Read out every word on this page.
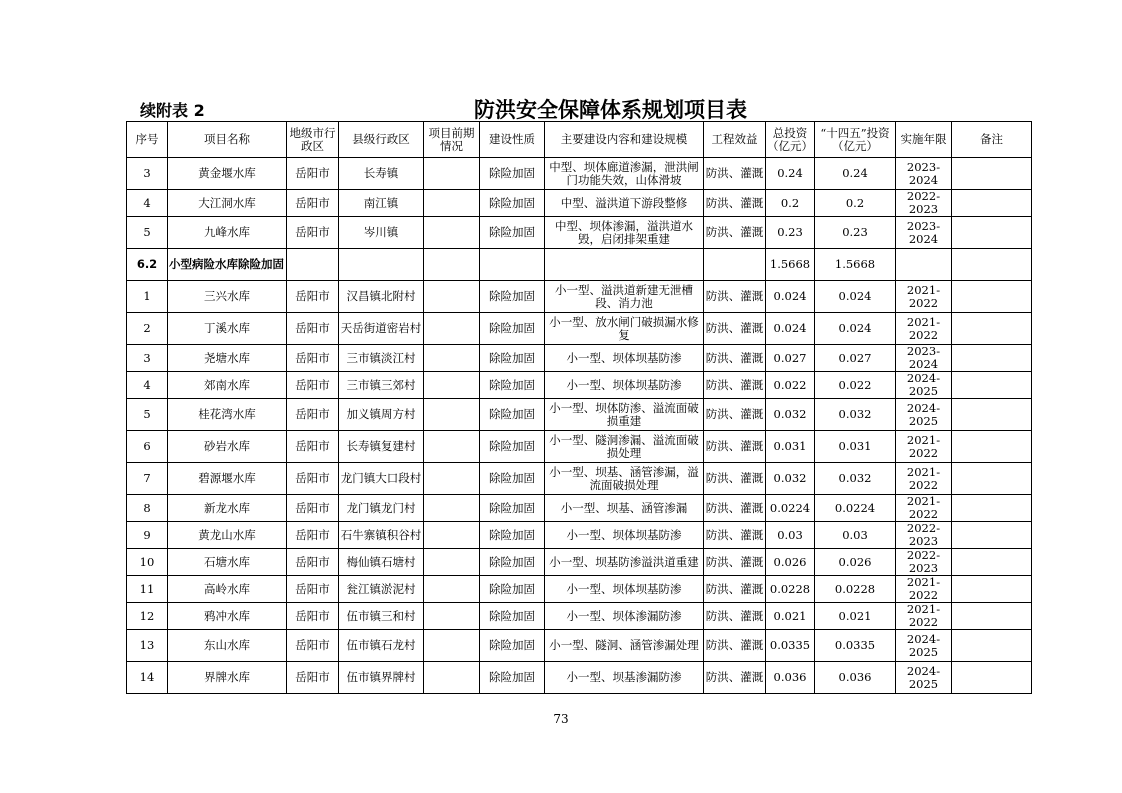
续附表 2	防洪安全保障体系规划项目表
序号	项目名称	地级市行政区	县级行政区	项目前期情况	建设性质	主要建设内容和建设规模	工程效益	总投资（亿元）	“十四五”投资（亿元）	实施年限	备注
3	黄金堰水库	岳阳市	长寿镇		除险加固	中型、坝体廊道渗漏，泄洪闸门功能失效，山体滑坡	防洪、灌溉	0.24	0.24	2023-2024	
4	大江洞水库	岳阳市	南江镇		除险加固	中型、溢洪道下游段整修	防洪、灌溉	0.2	0.2	2022-2023	
5	九峰水库	岳阳市	岑川镇		除险加固	中型、坝体渗漏，溢洪道水毁，启闭排架重建	防洪、灌溉	0.23	0.23	2023-2024	
6.2	小型病险水库除险加固							1.5668	1.5668		
1	三兴水库	岳阳市	汉昌镇北附村		除险加固	小一型、溢洪道新建无泄槽段、消力池	防洪、灌溉	0.024	0.024	2021-2022	
2	丁溪水库	岳阳市	天岳街道密岩村		除险加固	小一型、放水闸门破损漏水修复	防洪、灌溉	0.024	0.024	2021-2022	
3	尧塘水库	岳阳市	三市镇淡江村		除险加固	小一型、坝体坝基防渗	防洪、灌溉	0.027	0.027	2023-2024	
4	郊南水库	岳阳市	三市镇三郊村		除险加固	小一型、坝体坝基防渗	防洪、灌溉	0.022	0.022	2024-2025	
5	桂花湾水库	岳阳市	加义镇周方村		除险加固	小一型、坝体防渗、溢流面破损重建	防洪、灌溉	0.032	0.032	2024-2025	
6	砂岩水库	岳阳市	长寿镇复建村		除险加固	小一型、隧洞渗漏、溢流面破损处理	防洪、灌溉	0.031	0.031	2021-2022	
7	碧源堰水库	岳阳市	龙门镇大口段村		除险加固	小一型、坝基、涵管渗漏，溢流面破损处理	防洪、灌溉	0.032	0.032	2021-2022	
8	新龙水库	岳阳市	龙门镇龙门村		除险加固	小一型、坝基、涵管渗漏	防洪、灌溉	0.0224	0.0224	2021-2022	
9	黄龙山水库	岳阳市	石牛寨镇积谷村		除险加固	小一型、坝体坝基防渗	防洪、灌溉	0.03	0.03	2022-2023	
10	石塘水库	岳阳市	梅仙镇石塘村		除险加固	小一型、坝基防渗溢洪道重建	防洪、灌溉	0.026	0.026	2022-2023	
11	高岭水库	岳阳市	瓮江镇淤泥村		除险加固	小一型、坝体坝基防渗	防洪、灌溉	0.0228	0.0228	2021-2022	
12	鸦冲水库	岳阳市	伍市镇三和村		除险加固	小一型、坝体渗漏防渗	防洪、灌溉	0.021	0.021	2021-2022	
13	东山水库	岳阳市	伍市镇石龙村		除险加固	小一型、隧洞、涵管渗漏处理	防洪、灌溉	0.0335	0.0335	2024-2025	
14	界牌水库	岳阳市	伍市镇界牌村		除险加固	小一型、坝基渗漏防渗	防洪、灌溉	0.036	0.036	2024-2025	
73
